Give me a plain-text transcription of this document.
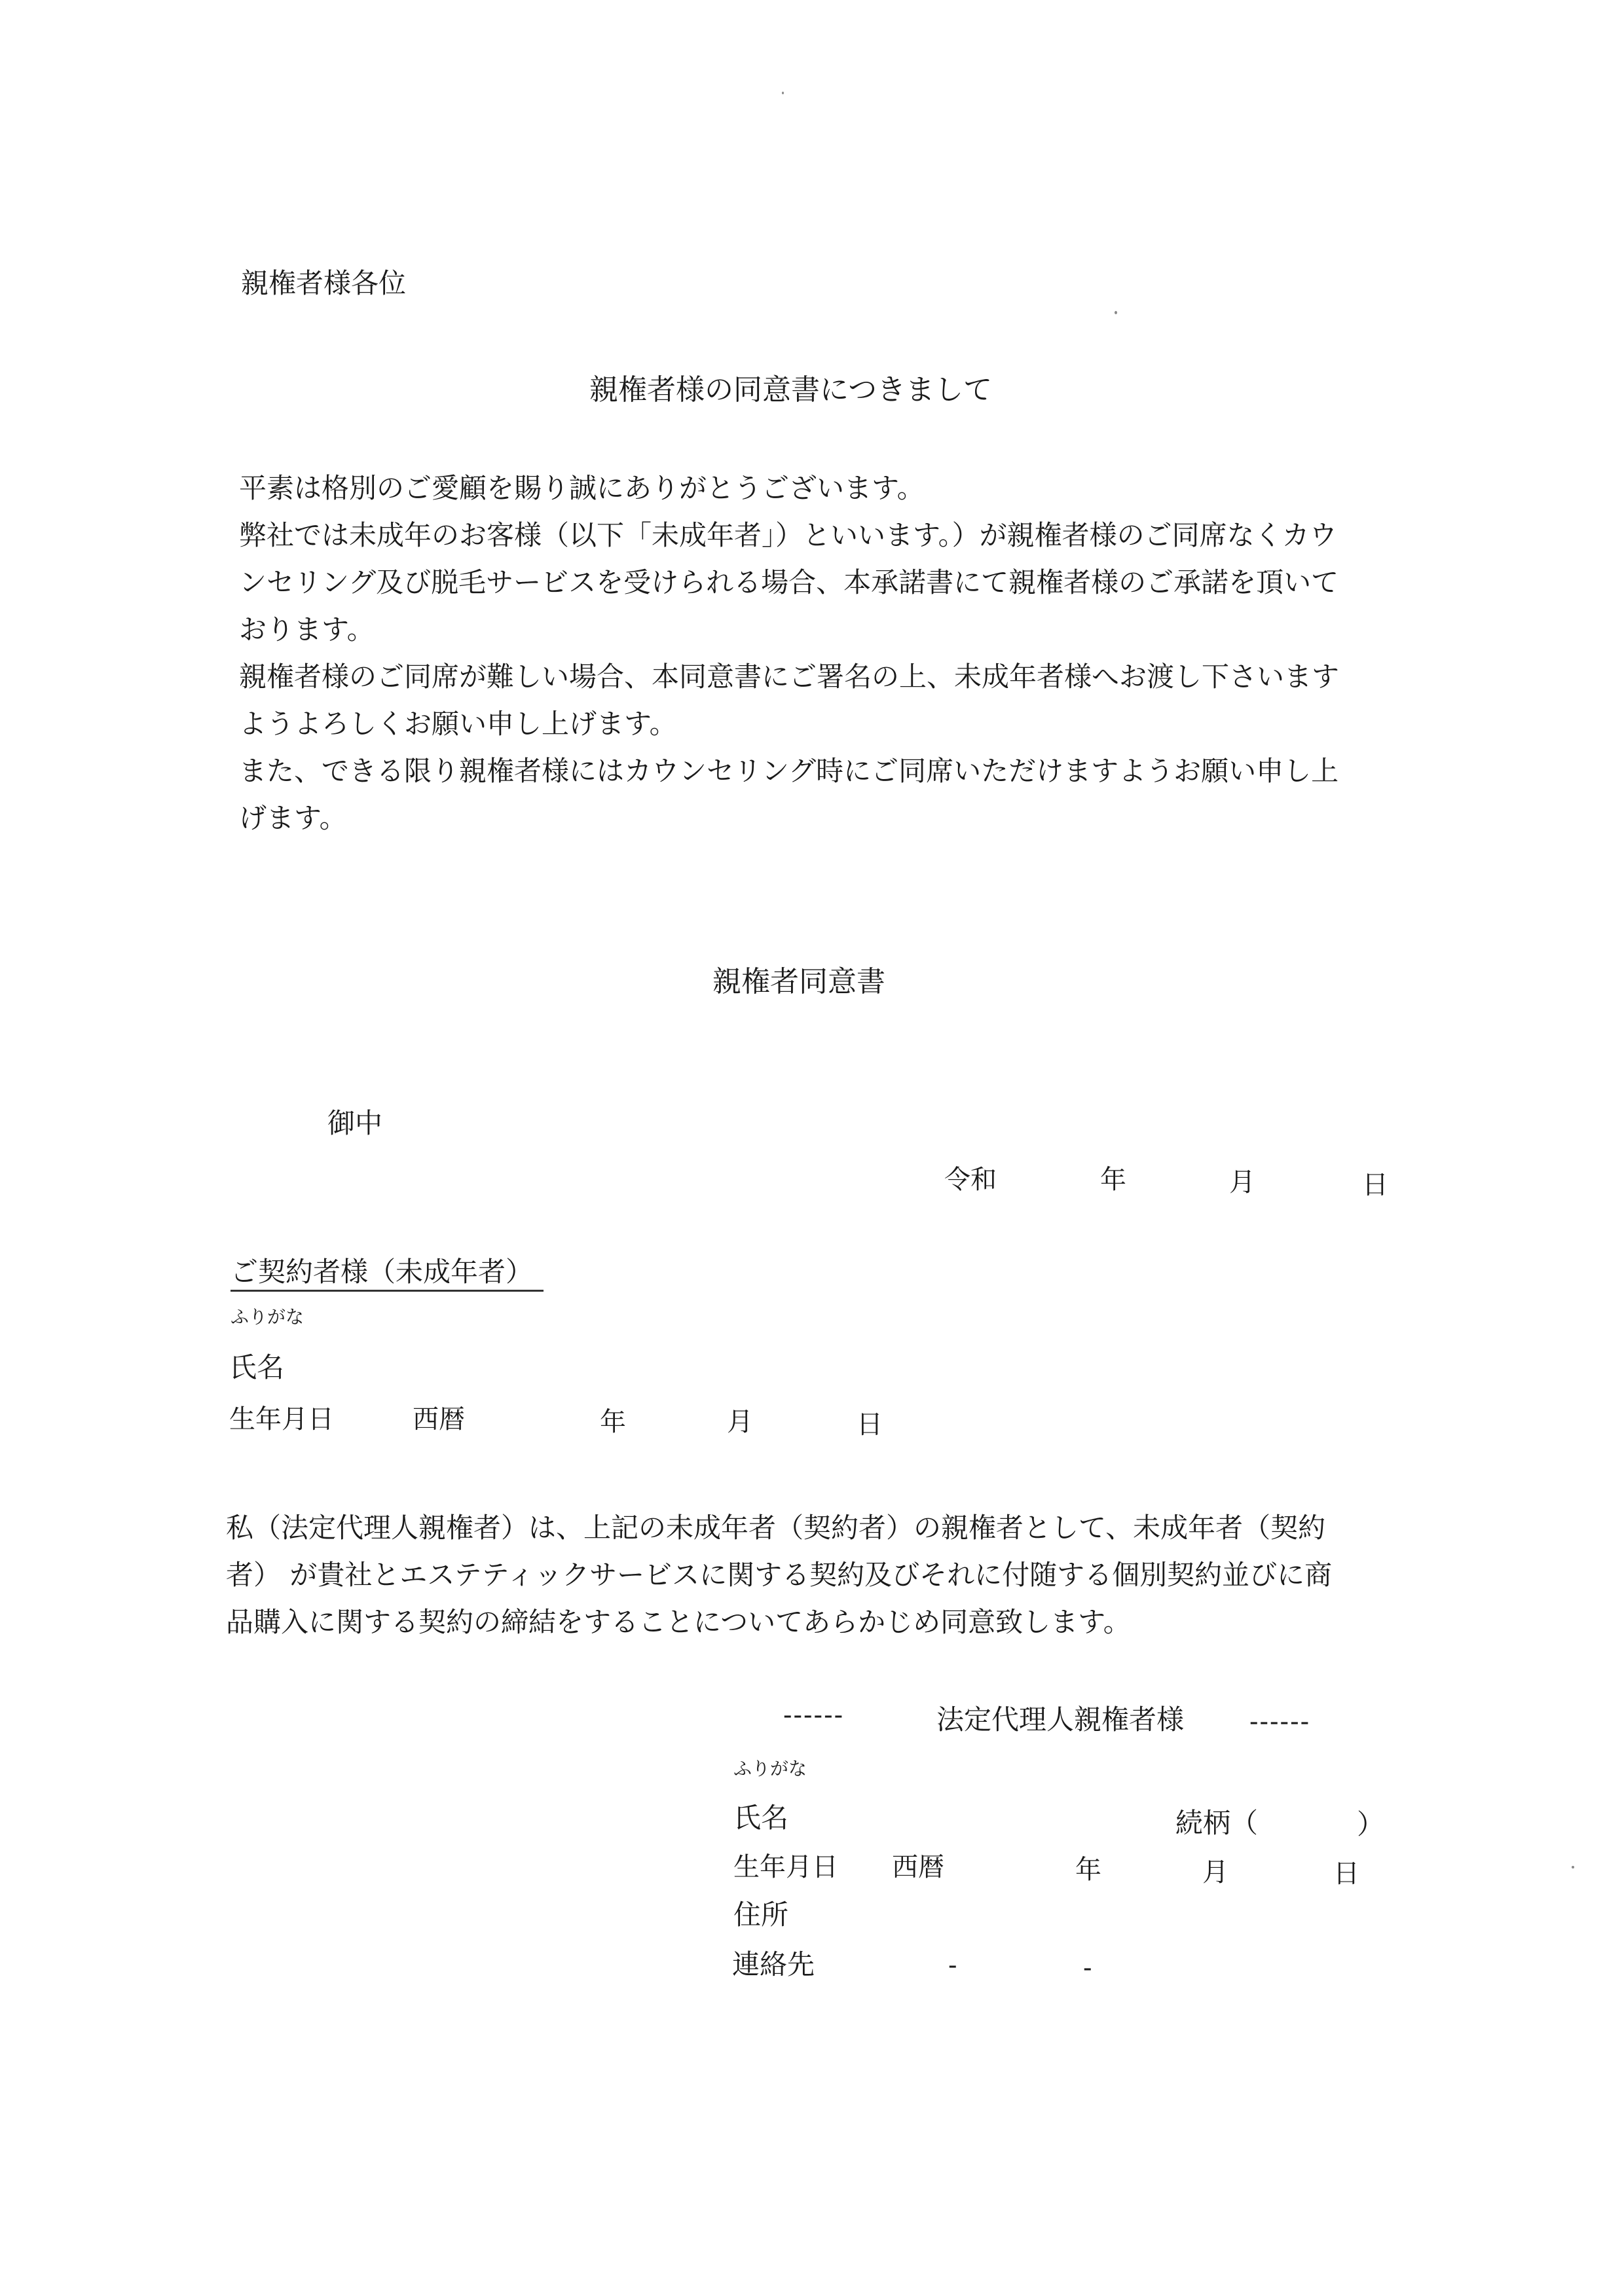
親権者様各位
親権者様の同意書につきまして
平素は格別のご愛顧を賜り誠にありがとうございます。
弊社では未成年のお客様（以下「未成年者」）といいます。）が親権者様のご同席なくカウ
ンセリング及び脱毛サービスを受けられる場合、本承諾書にて親権者様のご承諾を頂いて
おります。
親権者様のご同席が難しい場合、本同意書にご署名の上、未成年者様へお渡し下さいます
ようよろしくお願い申し上げます。
また、できる限り親権者様にはカウンセリング時にご同席いただけますようお願い申し上
げます。
親権者同意書
御中
令和	年	月	日
ご契約者様（未成年者）
ふりがな
氏名
生年月日	西暦	年	月	日
私（法定代理人親権者）は、上記の未成年者（契約者）の親権者として、未成年者（契約
者） が貴社とエステティックサービスに関する契約及びそれに付随する個別契約並びに商
品購入に関する契約の締結をすることについてあらかじめ同意致します。
------	法定代理人親権者様 ------
ふりがな
氏名	続柄（	）
生年月日 西暦	年	月	日
住所
連絡先	-	-
